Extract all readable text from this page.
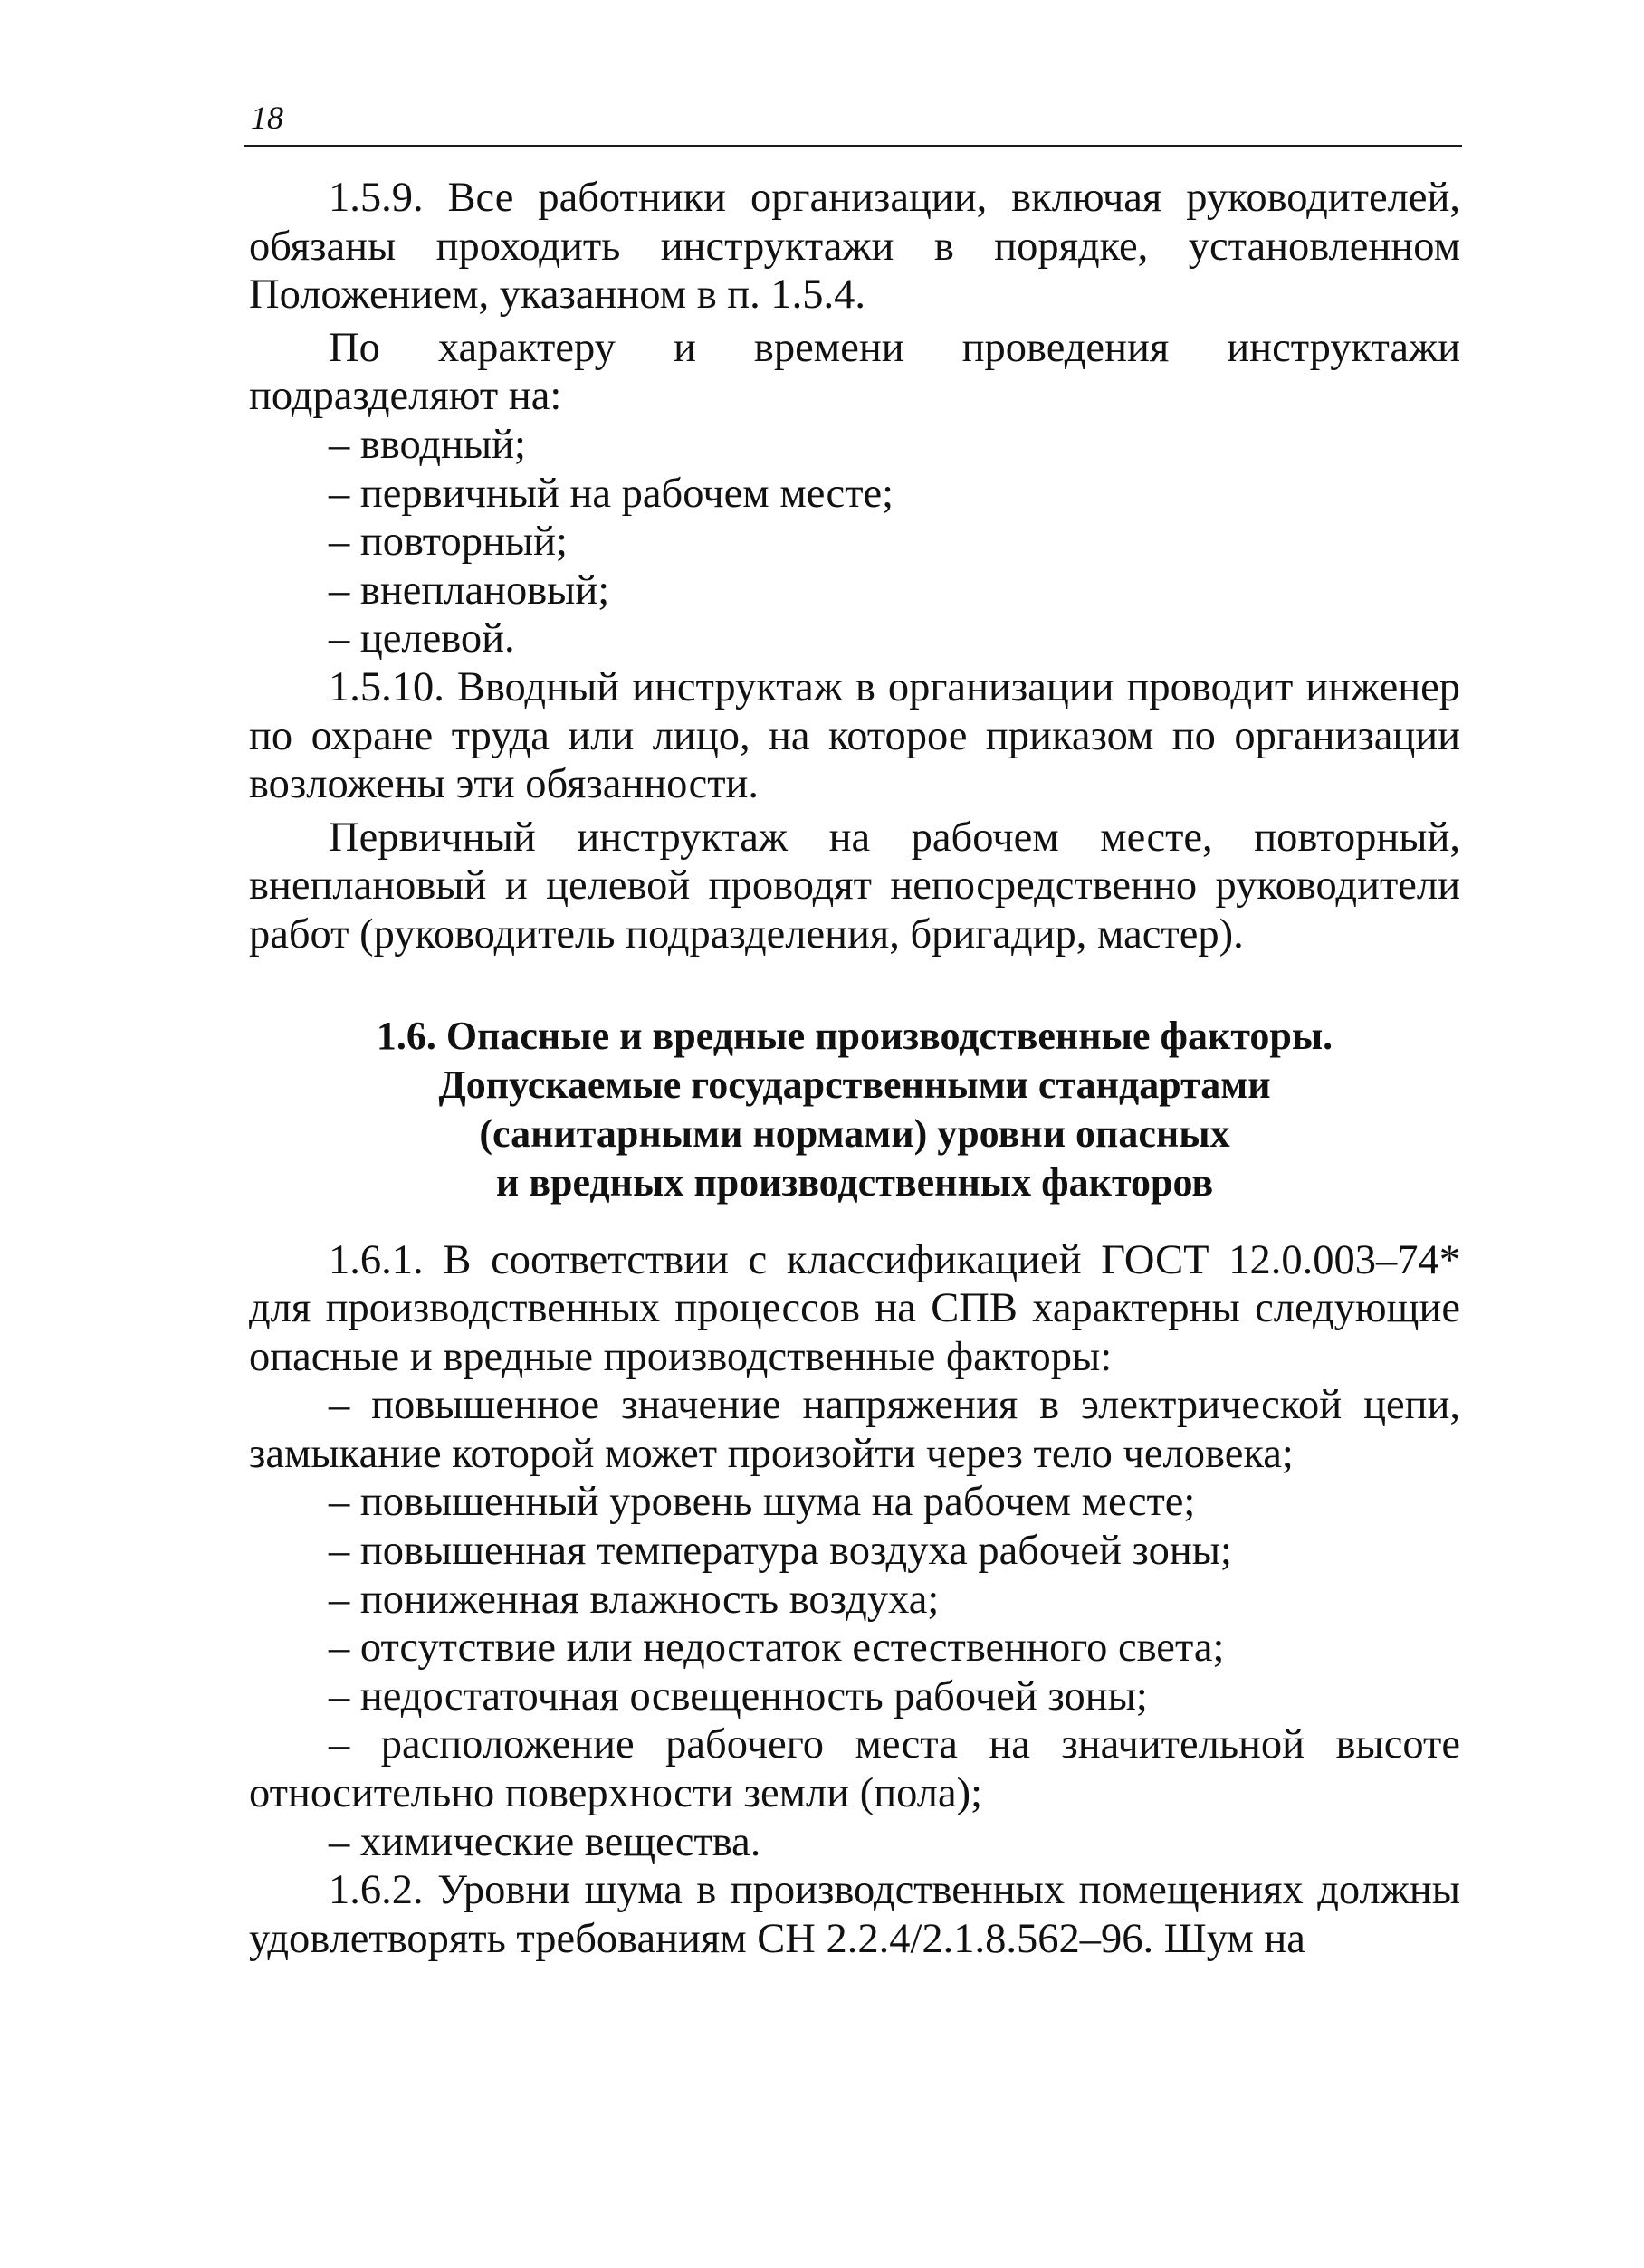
18

1.5.9. Все работники организации, включая руководителей, обязаны проходить инструктажи в порядке, установленном Положением, указанном в п. 1.5.4.

По характеру и времени проведения инструктажи подразделяют на:

– вводный;
– первичный на рабочем месте;
– повторный;
– внеплановый;
– целевой.

1.5.10. Вводный инструктаж в организации проводит инженер по охране труда или лицо, на которое приказом по организации возложены эти обязанности.

Первичный инструктаж на рабочем месте, повторный, внеплановый и целевой проводят непосредственно руководители работ (руководитель подразделения, бригадир, мастер).

1.6. Опасные и вредные производственные факторы.
Допускаемые государственными стандартами
(санитарными нормами) уровни опасных
и вредных производственных факторов

1.6.1. В соответствии с классификацией ГОСТ 12.0.003–74* для производственных процессов на СПВ характерны следующие опасные и вредные производственные факторы:

– повышенное значение напряжения в электрической цепи, замыкание которой может произойти через тело человека;
– повышенный уровень шума на рабочем месте;
– повышенная температура воздуха рабочей зоны;
– пониженная влажность воздуха;
– отсутствие или недостаток естественного света;
– недостаточная освещенность рабочей зоны;
– расположение рабочего места на значительной высоте относительно поверхности земли (пола);
– химические вещества.

1.6.2. Уровни шума в производственных помещениях должны удовлетворять требованиям СН 2.2.4/2.1.8.562–96. Шум на
